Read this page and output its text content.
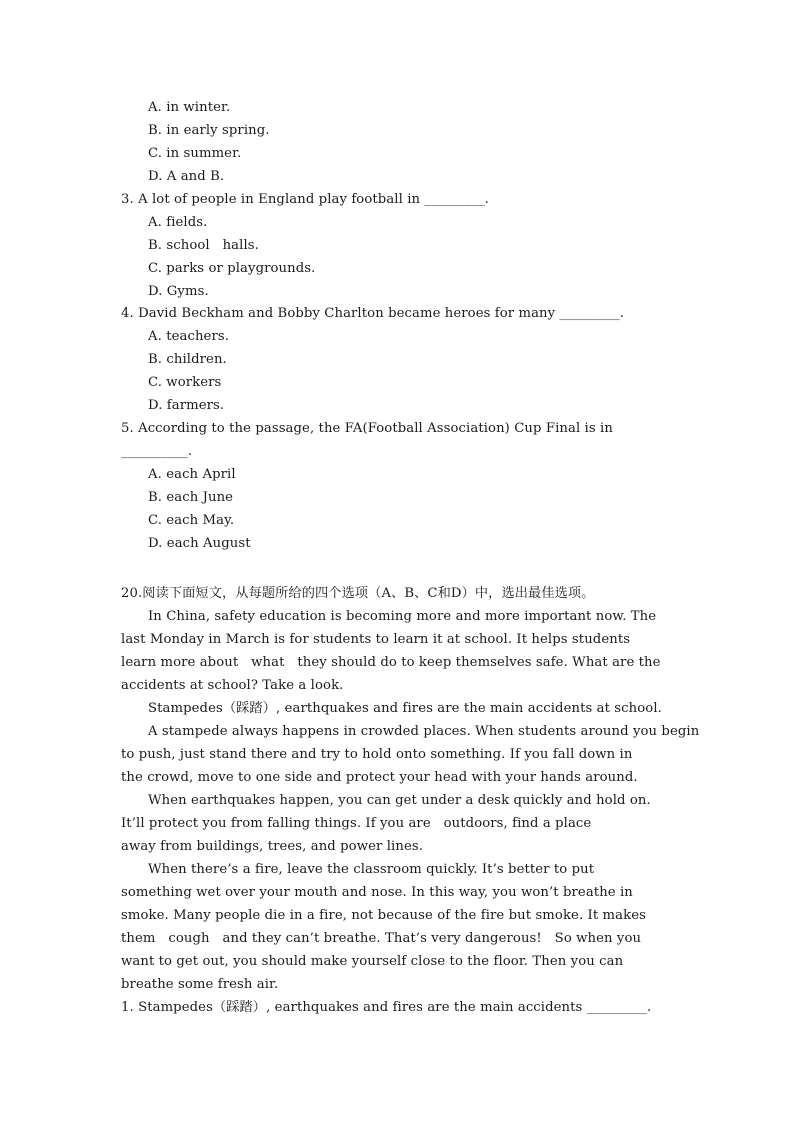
A. in winter.
B. in early spring.
C. in summer.
D. A and B.
3. A lot of people in England play football in _________.
A. fields.
B. school   halls.
C. parks or playgrounds.
D. Gyms.
4. David Beckham and Bobby Charlton became heroes for many _________.
A. teachers.
B. children.
C. workers
D. farmers.
5. According to the passage, the FA(Football Association) Cup Final is in
__________.
A. each April
B. each June
C. each May.
D. each August
20.阅读下面短文，从每题所给的四个选项（A、B、C和D）中，选出最佳选项。
In China, safety education is becoming more and more important now. The
last Monday in March is for students to learn it at school. It helps students
learn more about   what   they should do to keep themselves safe. What are the
accidents at school? Take a look.
Stampedes（踩踏）, earthquakes and fires are the main accidents at school.
A stampede always happens in crowded places. When students around you begin
to push, just stand there and try to hold onto something. If you fall down in
the crowd, move to one side and protect your head with your hands around.
When earthquakes happen, you can get under a desk quickly and hold on.
It’ll protect you from falling things. If you are   outdoors, find a place
away from buildings, trees, and power lines.
When there’s a fire, leave the classroom quickly. It’s better to put
something wet over your mouth and nose. In this way, you won’t breathe in
smoke. Many people die in a fire, not because of the fire but smoke. It makes
them   cough   and they can’t breathe. That’s very dangerous!   So when you
want to get out, you should make yourself close to the floor. Then you can
breathe some fresh air.
1. Stampedes（踩踏）, earthquakes and fires are the main accidents _________.
